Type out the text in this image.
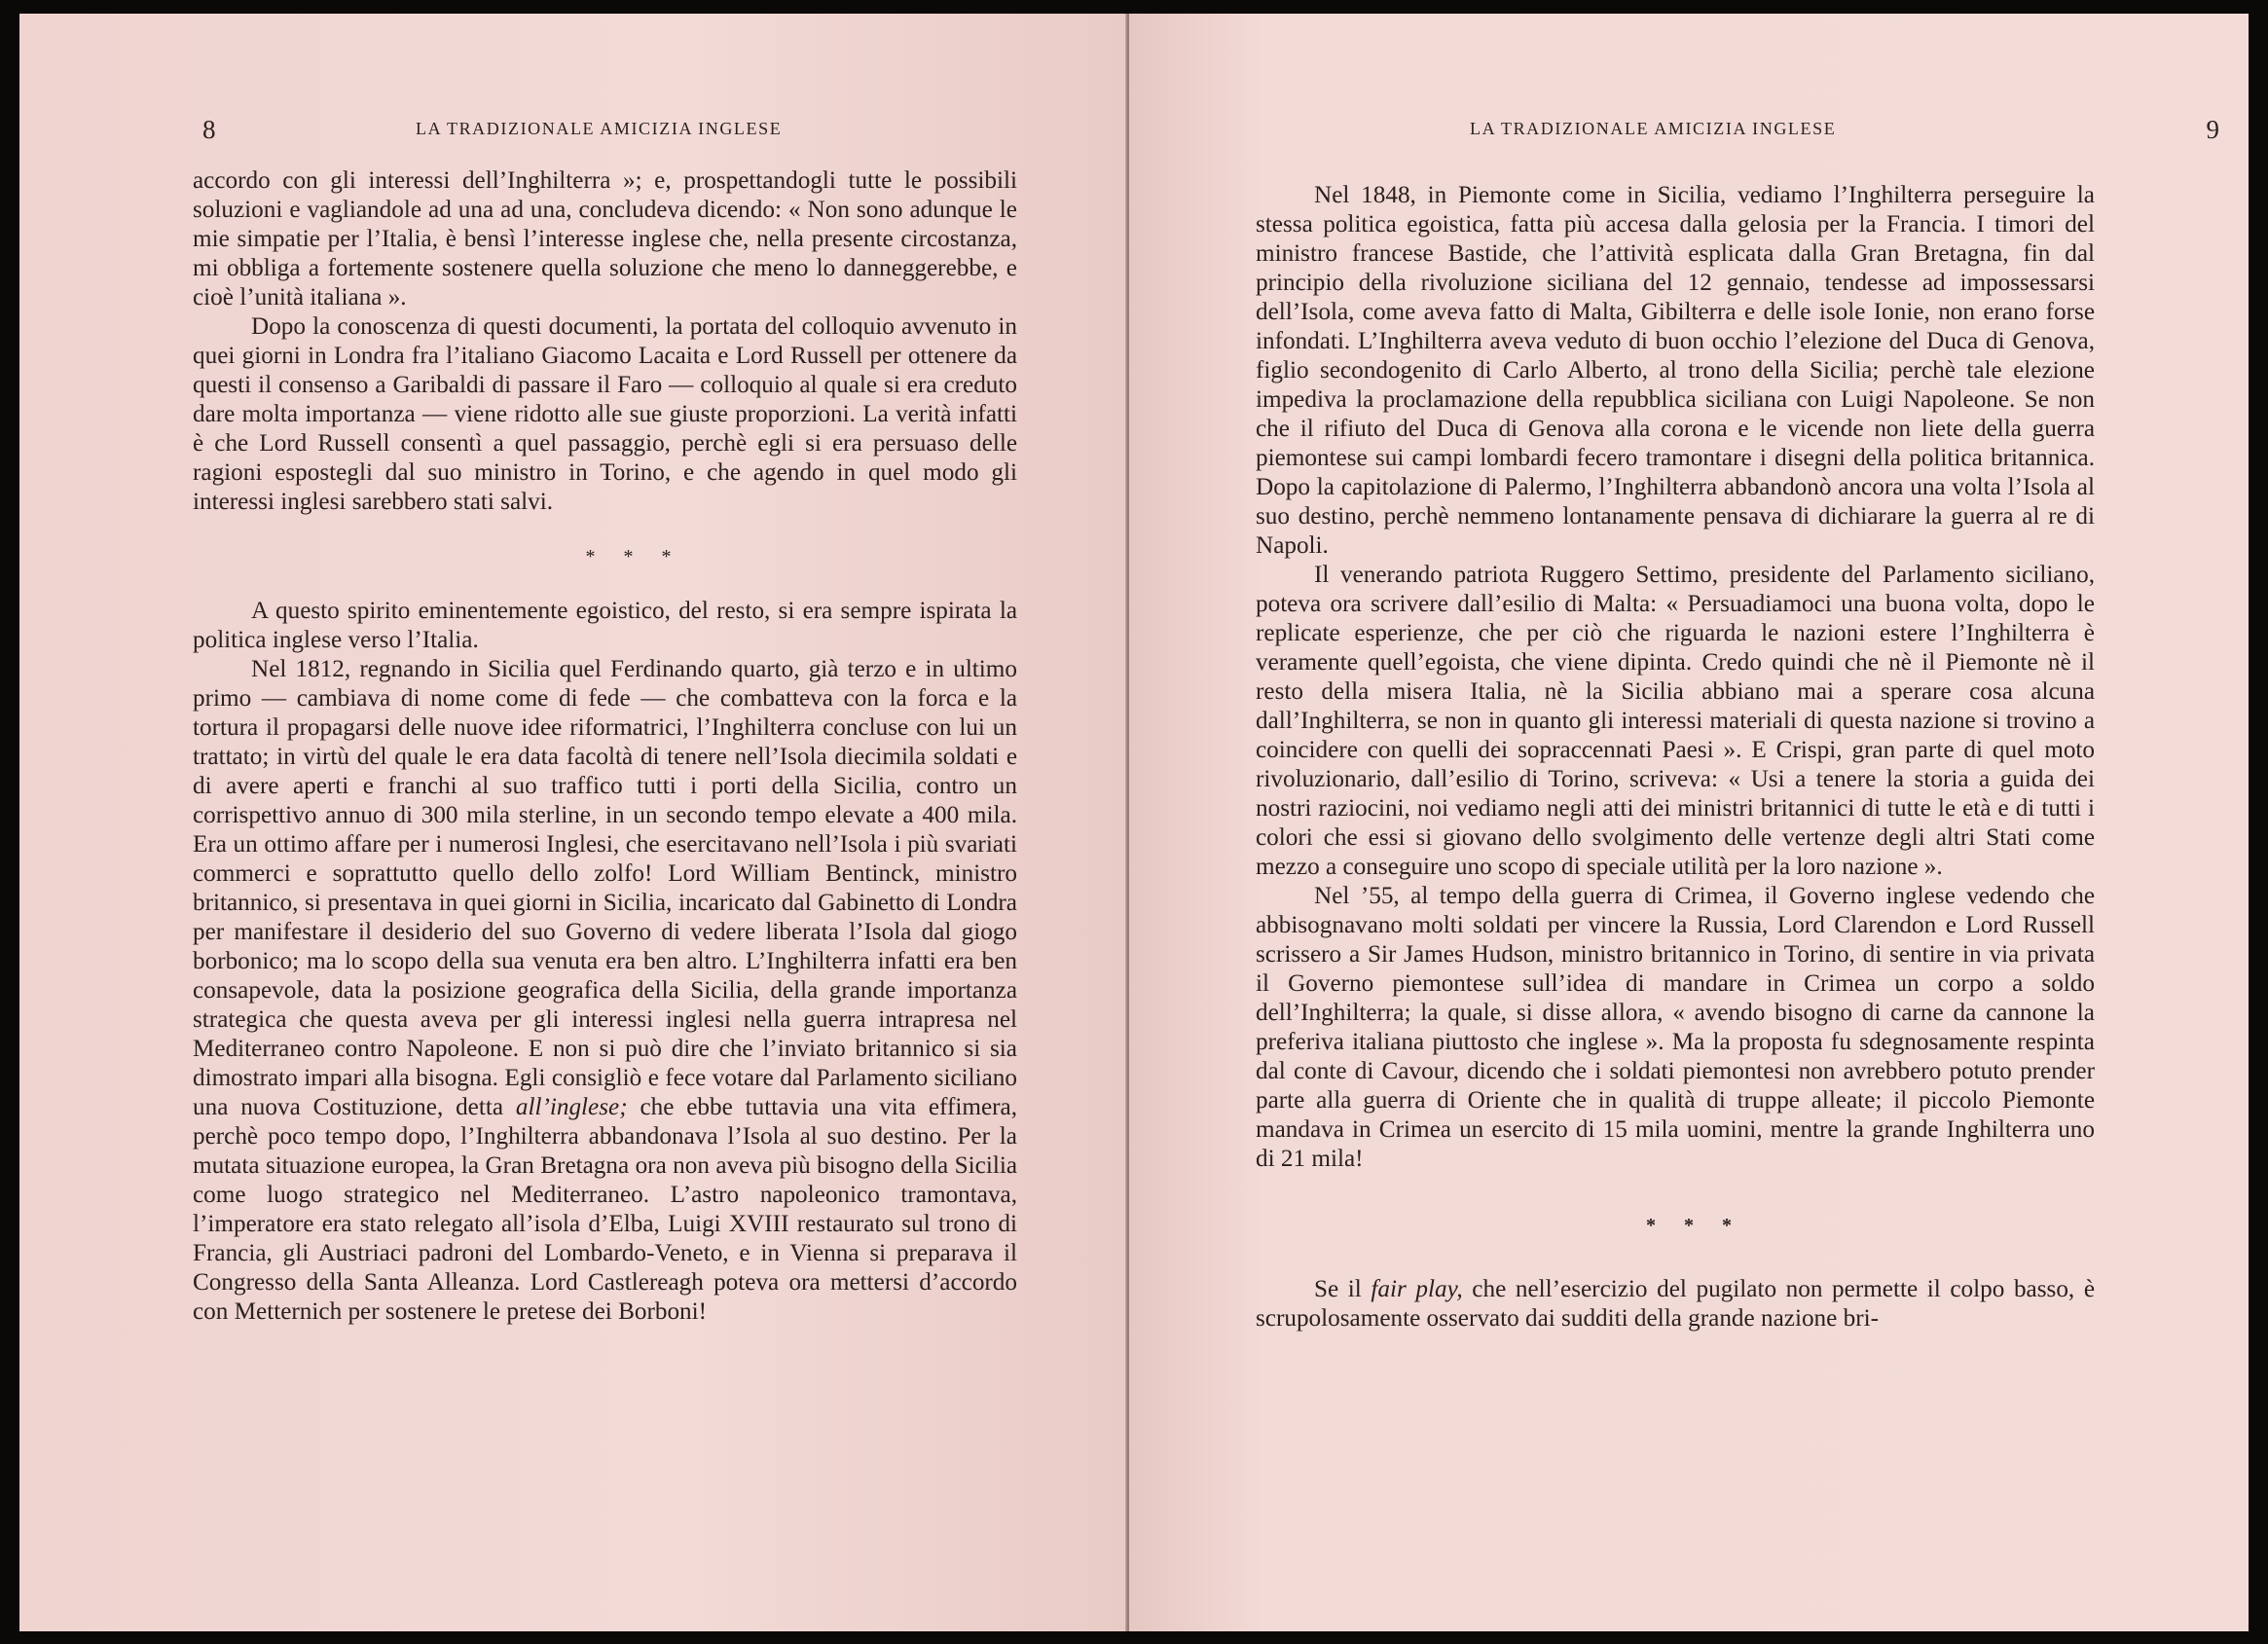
8	LA TRADIZIONALE AMICIZIA INGLESE

accordo con gli interessi dell’Inghilterra »; e, prospettandogli tutte le possibili soluzioni e vagliandole ad una ad una, concludeva dicendo: « Non sono adunque le mie simpatie per l’Italia, è bensì l’interesse inglese che, nella presente circostanza, mi obbliga a fortemente sostenere quella soluzione che meno lo danneggerebbe, e cioè l’unità italiana ».

Dopo la conoscenza di questi documenti, la portata del colloquio avvenuto in quei giorni in Londra fra l’italiano Giacomo Lacaita e Lord Russell per ottenere da questi il consenso a Garibaldi di passare il Faro — colloquio al quale si era creduto dare molta importanza — viene ridotto alle sue giuste proporzioni. La verità infatti è che Lord Russell consentì a quel passaggio, perchè egli si era persuaso delle ragioni espostegli dal suo ministro in Torino, e che agendo in quel modo gli interessi inglesi sarebbero stati salvi.

* * *

A questo spirito eminentemente egoistico, del resto, si era sempre ispirata la politica inglese verso l’Italia.

Nel 1812, regnando in Sicilia quel Ferdinando quarto, già terzo e in ultimo primo — cambiava di nome come di fede — che combatteva con la forca e la tortura il propagarsi delle nuove idee riformatrici, l’Inghilterra concluse con lui un trattato; in virtù del quale le era data facoltà di tenere nell’Isola diecimila soldati e di avere aperti e franchi al suo traffico tutti i porti della Sicilia, contro un corrispettivo annuo di 300 mila sterline, in un secondo tempo elevate a 400 mila. Era un ottimo affare per i numerosi Inglesi, che esercitavano nell’Isola i più svariati commerci e soprattutto quello dello zolfo! Lord William Bentinck, ministro britannico, si presentava in quei giorni in Sicilia, incaricato dal Gabinetto di Londra per manifestare il desiderio del suo Governo di vedere liberata l’Isola dal giogo borbonico; ma lo scopo della sua venuta era ben altro. L’Inghilterra infatti era ben consapevole, data la posizione geografica della Sicilia, della grande importanza strategica che questa aveva per gli interessi inglesi nella guerra intrapresa nel Mediterraneo contro Napoleone. E non si può dire che l’inviato britannico si sia dimostrato impari alla bisogna. Egli consigliò e fece votare dal Parlamento siciliano una nuova Costituzione, detta all’inglese; che ebbe tuttavia una vita effimera, perchè poco tempo dopo, l’Inghilterra abbandonava l’Isola al suo destino. Per la mutata situazione europea, la Gran Bretagna ora non aveva più bisogno della Sicilia come luogo strategico nel Mediterraneo. L’astro napoleonico tramontava, l’imperatore era stato relegato all’isola d’Elba, Luigi XVIII restaurato sul trono di Francia, gli Austriaci padroni del Lombardo-Veneto, e in Vienna si preparava il Congresso della Santa Alleanza. Lord Castlereagh poteva ora mettersi d’accordo con Metternich per sostenere le pretese dei Borboni!

LA TRADIZIONALE AMICIZIA INGLESE	9

Nel 1848, in Piemonte come in Sicilia, vediamo l’Inghilterra perseguire la stessa politica egoistica, fatta più accesa dalla gelosia per la Francia. I timori del ministro francese Bastide, che l’attività esplicata dalla Gran Bretagna, fin dal principio della rivoluzione siciliana del 12 gennaio, tendesse ad impossessarsi dell’Isola, come aveva fatto di Malta, Gibilterra e delle isole Ionie, non erano forse infondati. L’Inghilterra aveva veduto di buon occhio l’elezione del Duca di Genova, figlio secondogenito di Carlo Alberto, al trono della Sicilia; perchè tale elezione impediva la proclamazione della repubblica siciliana con Luigi Napoleone. Se non che il rifiuto del Duca di Genova alla corona e le vicende non liete della guerra piemontese sui campi lombardi fecero tramontare i disegni della politica britannica. Dopo la capitolazione di Palermo, l’Inghilterra abbandonò ancora una volta l’Isola al suo destino, perchè nemmeno lontanamente pensava di dichiarare la guerra al re di Napoli.

Il venerando patriota Ruggero Settimo, presidente del Parlamento siciliano, poteva ora scrivere dall’esilio di Malta: « Persuadiamoci una buona volta, dopo le replicate esperienze, che per ciò che riguarda le nazioni estere l’Inghilterra è veramente quell’egoista, che viene dipinta. Credo quindi che nè il Piemonte nè il resto della misera Italia, nè la Sicilia abbiano mai a sperare cosa alcuna dall’Inghilterra, se non in quanto gli interessi materiali di questa nazione si trovino a coincidere con quelli dei sopraccennati Paesi ». E Crispi, gran parte di quel moto rivoluzionario, dall’esilio di Torino, scriveva: « Usi a tenere la storia a guida dei nostri raziocini, noi vediamo negli atti dei ministri britannici di tutte le età e di tutti i colori che essi si giovano dello svolgimento delle vertenze degli altri Stati come mezzo a conseguire uno scopo di speciale utilità per la loro nazione ».

Nel ’55, al tempo della guerra di Crimea, il Governo inglese vedendo che abbisognavano molti soldati per vincere la Russia, Lord Clarendon e Lord Russell scrissero a Sir James Hudson, ministro britannico in Torino, di sentire in via privata il Governo piemontese sull’idea di mandare in Crimea un corpo a soldo dell’Inghilterra; la quale, si disse allora, « avendo bisogno di carne da cannone la preferiva italiana piuttosto che inglese ». Ma la proposta fu sdegnosamente respinta dal conte di Cavour, dicendo che i soldati piemontesi non avrebbero potuto prender parte alla guerra di Oriente che in qualità di truppe alleate; il piccolo Piemonte mandava in Crimea un esercito di 15 mila uomini, mentre la grande Inghilterra uno di 21 mila!

* * *

Se il fair play, che nell’esercizio del pugilato non permette il colpo basso, è scrupolosamente osservato dai sudditi della grande nazione bri-
